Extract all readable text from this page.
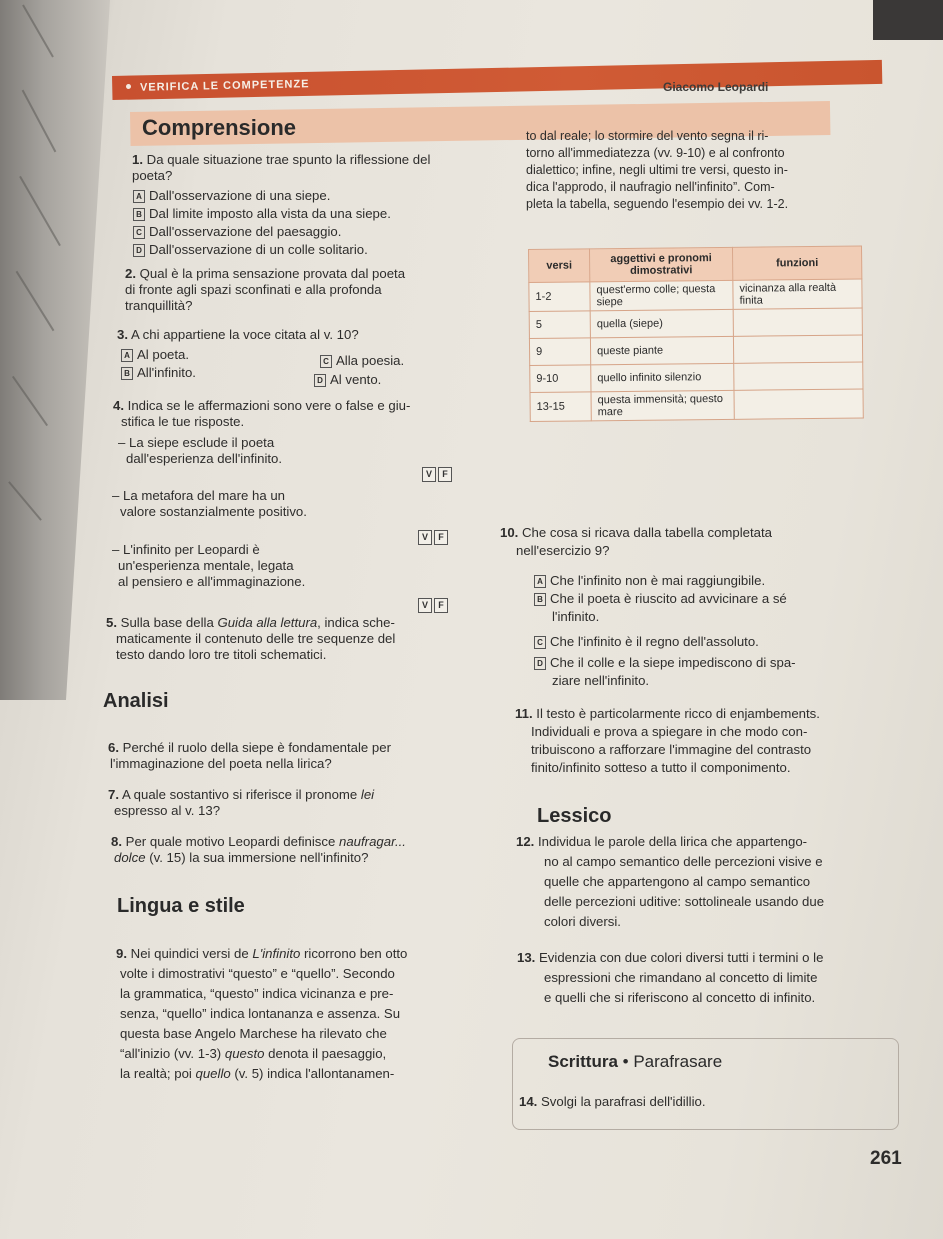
VERIFICA LE COMPETENZE	Giacomo Leopardi
Comprensione
1. Da quale situazione trae spunto la riflessione del
poeta?
A Dall'osservazione di una siepe.
B Dal limite imposto alla vista da una siepe.
C Dall'osservazione del paesaggio.
D Dall'osservazione di un colle solitario.
2. Qual è la prima sensazione provata dal poeta
di fronte agli spazi sconfinati e alla profonda
tranquillità?
3. A chi appartiene la voce citata al v. 10?
A Al poeta.
B All'infinito.
C Alla poesia.
D Al vento.
4. Indica se le affermazioni sono vere o false e giu-
stifica le tue risposte.
– La siepe esclude il poeta
dall'esperienza dell'infinito.
V F
– La metafora del mare ha un
valore sostanzialmente positivo.
V F
– L'infinito per Leopardi è
un'esperienza mentale, legata
al pensiero e all'immaginazione.
V F
5. Sulla base della Guida alla lettura, indica sche-
maticamente il contenuto delle tre sequenze del
testo dando loro tre titoli schematici.
Analisi
6. Perché il ruolo della siepe è fondamentale per
l'immaginazione del poeta nella lirica?
7. A quale sostantivo si riferisce il pronome lei
espresso al v. 13?
8. Per quale motivo Leopardi definisce naufragar...
dolce (v. 15) la sua immersione nell'infinito?
Lingua e stile
9. Nei quindici versi de L'infinito ricorrono ben otto
volte i dimostrativi “questo” e “quello”. Secondo
la grammatica, “questo” indica vicinanza e pre-
senza, “quello” indica lontananza e assenza. Su
questa base Angelo Marchese ha rilevato che
“all'inizio (vv. 1-3) questo denota il paesaggio,
la realtà; poi quello (v. 5) indica l'allontanamen-
to dal reale; lo stormire del vento segna il ri-
torno all'immediatezza (vv. 9-10) e al confronto
dialettico; infine, negli ultimi tre versi, questo in-
dica l'approdo, il naufragio nell'infinito”. Com-
pleta la tabella, seguendo l'esempio dei vv. 1-2.
versi	aggettivi e pronomi dimostrativi	funzioni
1-2	quest'ermo colle; questa siepe	vicinanza alla realtà finita
5	quella (siepe)	
9	queste piante	
9-10	quello infinito silenzio	
13-15	questa immensità; questo mare	
10. Che cosa si ricava dalla tabella completata
nell'esercizio 9?
A Che l'infinito non è mai raggiungibile.
B Che il poeta è riuscito ad avvicinare a sé
l'infinito.
C Che l'infinito è il regno dell'assoluto.
D Che il colle e la siepe impediscono di spa-
ziare nell'infinito.
11. Il testo è particolarmente ricco di enjambements.
Individuali e prova a spiegare in che modo con-
tribuiscono a rafforzare l'immagine del contrasto
finito/infinito sotteso a tutto il componimento.
Lessico
12. Individua le parole della lirica che appartengo-
no al campo semantico delle percezioni visive e
quelle che appartengono al campo semantico
delle percezioni uditive: sottolineale usando due
colori diversi.
13. Evidenzia con due colori diversi tutti i termini o le
espressioni che rimandano al concetto di limite
e quelli che si riferiscono al concetto di infinito.
Scrittura • Parafrasare
14. Svolgi la parafrasi dell'idillio.
261
